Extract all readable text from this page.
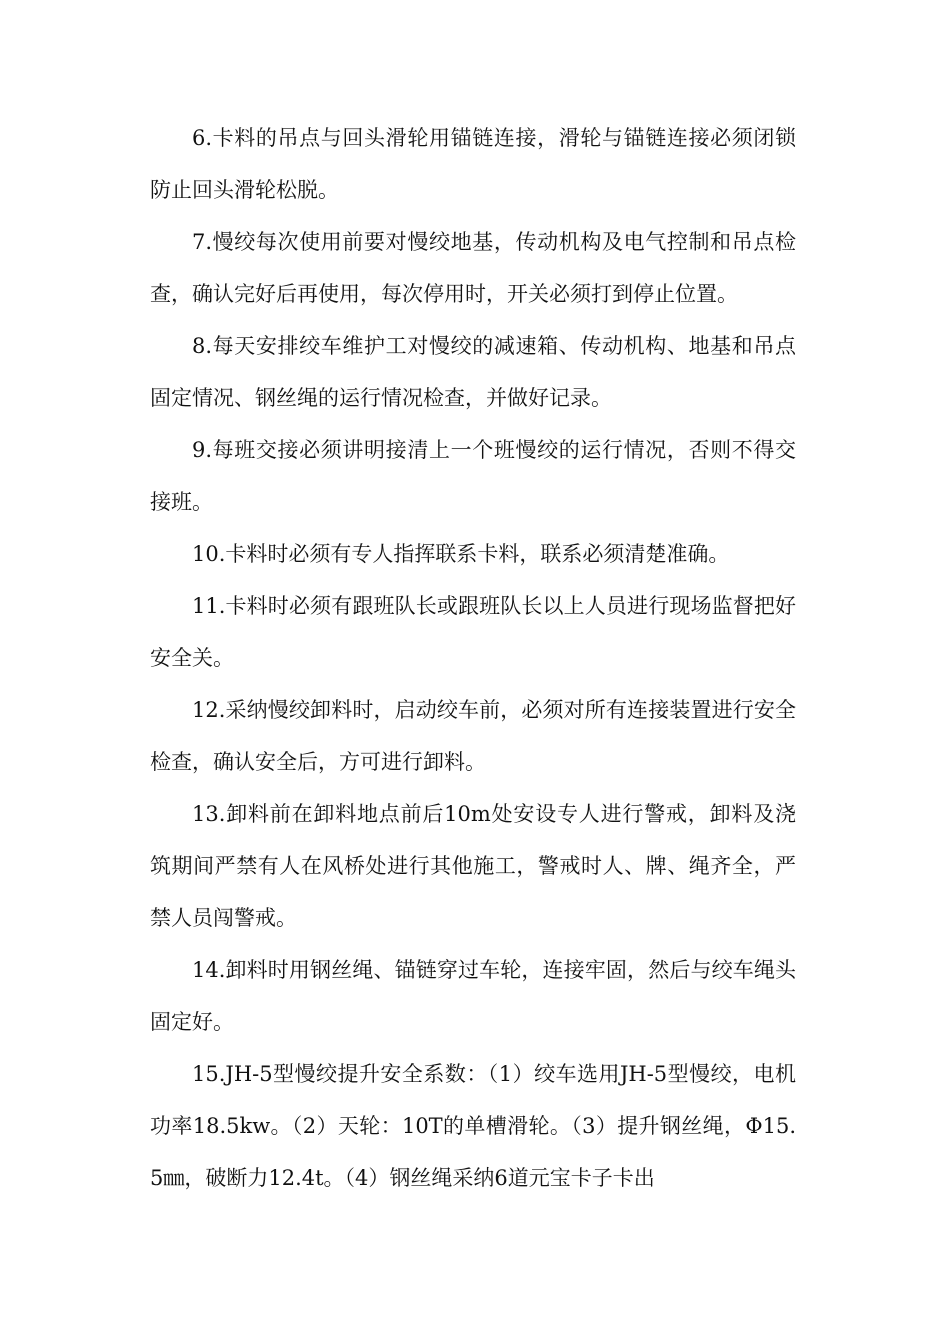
6.卡料的吊点与回头滑轮用锚链连接，滑轮与锚链连接必须闭锁防止回头滑轮松脱。

7.慢绞每次使用前要对慢绞地基，传动机构及电气控制和吊点检查，确认完好后再使用，每次停用时，开关必须打到停止位置。

8.每天安排绞车维护工对慢绞的减速箱、传动机构、地基和吊点固定情况、钢丝绳的运行情况检查，并做好记录。

9.每班交接必须讲明接清上一个班慢绞的运行情况，否则不得交接班。

10.卡料时必须有专人指挥联系卡料，联系必须清楚准确。

11.卡料时必须有跟班队长或跟班队长以上人员进行现场监督把好安全关。

12.采纳慢绞卸料时，启动绞车前，必须对所有连接装置进行安全检查，确认安全后，方可进行卸料。

13.卸料前在卸料地点前后10m处安设专人进行警戒，卸料及浇筑期间严禁有人在风桥处进行其他施工，警戒时人、牌、绳齐全，严禁人员闯警戒。

14.卸料时用钢丝绳、锚链穿过车轮，连接牢固，然后与绞车绳头固定好。

15.JH-5型慢绞提升安全系数：（1）绞车选用JH-5型慢绞，电机功率18.5kw。（2）天轮：10T的单槽滑轮。（3）提升钢丝绳，Φ15.5㎜，破断力12.4t。（4）钢丝绳采纳6道元宝卡子卡出
